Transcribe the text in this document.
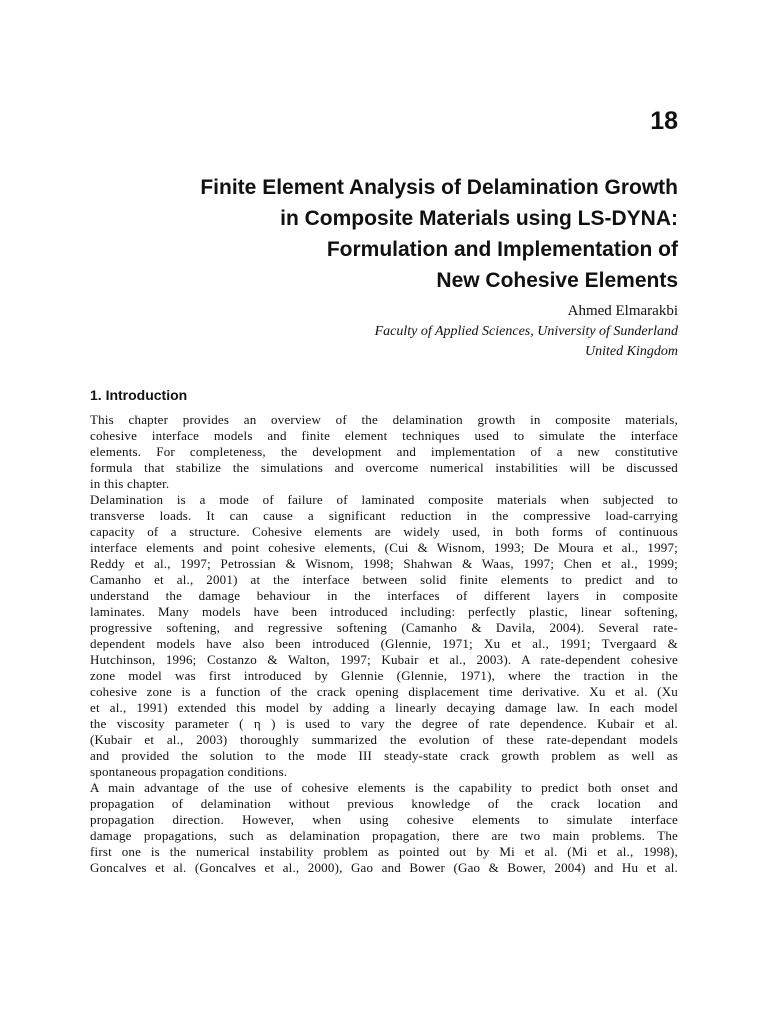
18
Finite Element Analysis of Delamination Growth
in Composite Materials using LS-DYNA:
Formulation and Implementation of
New Cohesive Elements
Ahmed Elmarakbi
Faculty of Applied Sciences, University of Sunderland
United Kingdom
1. Introduction
This chapter provides an overview of the delamination growth in composite materials,
cohesive interface models and finite element techniques used to simulate the interface
elements. For completeness, the development and implementation of a new constitutive
formula that stabilize the simulations and overcome numerical instabilities will be discussed
in this chapter.
Delamination is a mode of failure of laminated composite materials when subjected to
transverse loads. It can cause a significant reduction in the compressive load-carrying
capacity of a structure. Cohesive elements are widely used, in both forms of continuous
interface elements and point cohesive elements, (Cui & Wisnom, 1993; De Moura et al., 1997;
Reddy et al., 1997; Petrossian & Wisnom, 1998; Shahwan & Waas, 1997; Chen et al., 1999;
Camanho et al., 2001) at the interface between solid finite elements to predict and to
understand the damage behaviour in the interfaces of different layers in composite
laminates. Many models have been introduced including: perfectly plastic, linear softening,
progressive softening, and regressive softening (Camanho & Davila, 2004). Several rate-
dependent models have also been introduced (Glennie, 1971; Xu et al., 1991; Tvergaard &
Hutchinson, 1996; Costanzo & Walton, 1997; Kubair et al., 2003). A rate-dependent cohesive
zone model was first introduced by Glennie (Glennie, 1971), where the traction in the
cohesive zone is a function of the crack opening displacement time derivative. Xu et al. (Xu
et al., 1991) extended this model by adding a linearly decaying damage law. In each model
the viscosity parameter ( η ) is used to vary the degree of rate dependence. Kubair et al.
(Kubair et al., 2003) thoroughly summarized the evolution of these rate-dependant models
and provided the solution to the mode III steady-state crack growth problem as well as
spontaneous propagation conditions.
A main advantage of the use of cohesive elements is the capability to predict both onset and
propagation of delamination without previous knowledge of the crack location and
propagation direction. However, when using cohesive elements to simulate interface
damage propagations, such as delamination propagation, there are two main problems. The
first one is the numerical instability problem as pointed out by Mi et al. (Mi et al., 1998),
Goncalves et al. (Goncalves et al., 2000), Gao and Bower (Gao & Bower, 2004) and Hu et al.
